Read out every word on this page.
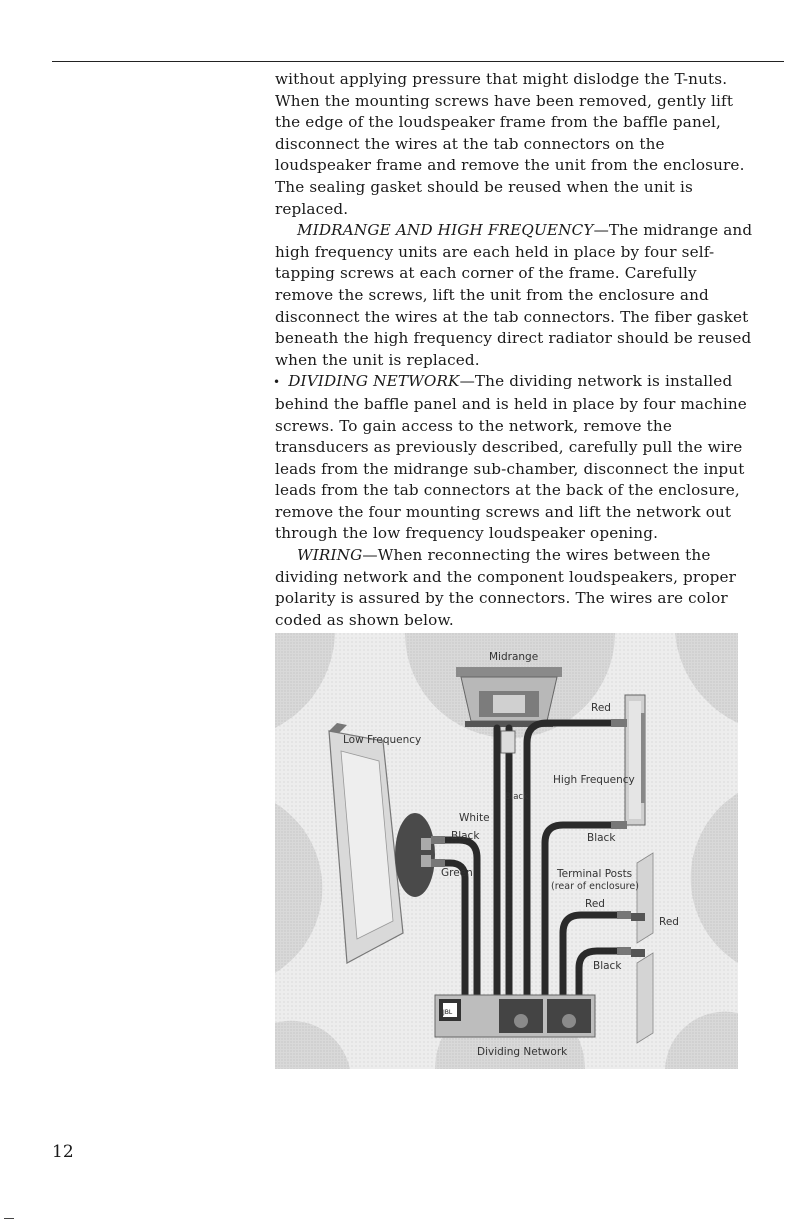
without applying pressure that might dislodge the T-nuts. When the mounting screws have been removed, gently lift the edge of the loudspeaker frame from the baffle panel, disconnect the wires at the tab connectors on the loudspeaker frame and remove the unit from the enclosure. The sealing gasket should be reused when the unit is replaced.

MIDRANGE AND HIGH FREQUENCY—The midrange and high frequency units are each held in place by four self-tapping screws at each corner of the frame. Carefully remove the screws, lift the unit from the enclosure and disconnect the wires at the tab connectors. The fiber gasket beneath the high frequency direct radiator should be reused when the unit is replaced.

• DIVIDING NETWORK—The dividing network is installed behind the baffle panel and is held in place by four machine screws. To gain access to the network, remove the transducers as previously described, carefully pull the wire leads from the midrange sub-chamber, disconnect the input leads from the tab connectors at the back of the enclosure, remove the four mounting screws and lift the network out through the low frequency loudspeaker opening.

WIRING—When reconnecting the wires between the dividing network and the component loudspeakers, proper polarity is assured by the connectors. The wires are color coded as shown below.

Midrange
Low Frequency
High Frequency
Terminal Posts
(rear of enclosure)
JBL
Dividing Network
Red
Black
Black
White
Black
Green
Red
Red
Black
12
